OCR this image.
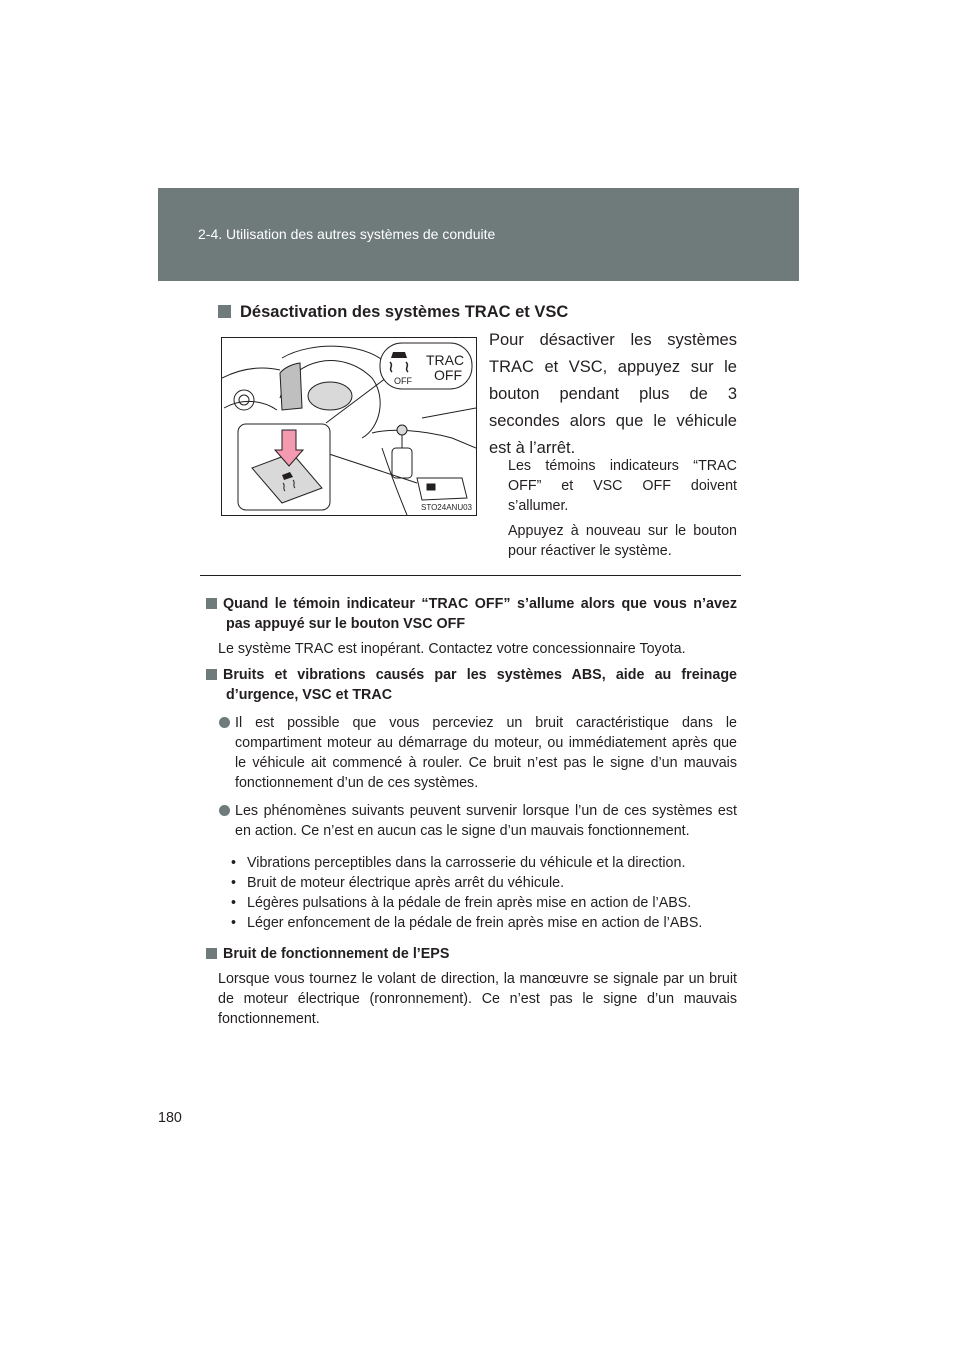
2-4. Utilisation des autres systèmes de conduite
Désactivation des systèmes TRAC et VSC
OFF
TRAC
OFF
STO24ANU03
Pour désactiver les systèmes TRAC et VSC, appuyez sur le bouton pendant plus de 3 secondes alors que le véhicule est à l’arrêt.
Les témoins indicateurs “TRAC OFF” et VSC OFF doivent s’allumer.
Appuyez à nouveau sur le bouton pour réactiver le système.

Quand le témoin indicateur “TRAC OFF” s’allume alors que vous n’avez pas appuyé sur le bouton VSC OFF

Le système TRAC est inopérant. Contactez votre concessionnaire Toyota.

Bruits et vibrations causés par les systèmes ABS, aide au freinage d’urgence, VSC et TRAC

Il est possible que vous perceviez un bruit caractéristique dans le compartiment moteur au démarrage du moteur, ou immédiatement après que le véhicule ait commencé à rouler. Ce bruit n’est pas le signe d’un mauvais fonctionnement d’un de ces systèmes.
Les phénomènes suivants peuvent survenir lorsque l’un de ces systèmes est en action. Ce n’est en aucun cas le signe d’un mauvais fonctionnement.
• Vibrations perceptibles dans la carrosserie du véhicule et la direction.
• Bruit de moteur électrique après arrêt du véhicule.
• Légères pulsations à la pédale de frein après mise en action de l’ABS.
• Léger enfoncement de la pédale de frein après mise en action de l’ABS.

Bruit de fonctionnement de l’EPS

Lorsque vous tournez le volant de direction, la manœuvre se signale par un bruit de moteur électrique (ronronnement). Ce n’est pas le signe d’un mauvais fonctionnement.

180
